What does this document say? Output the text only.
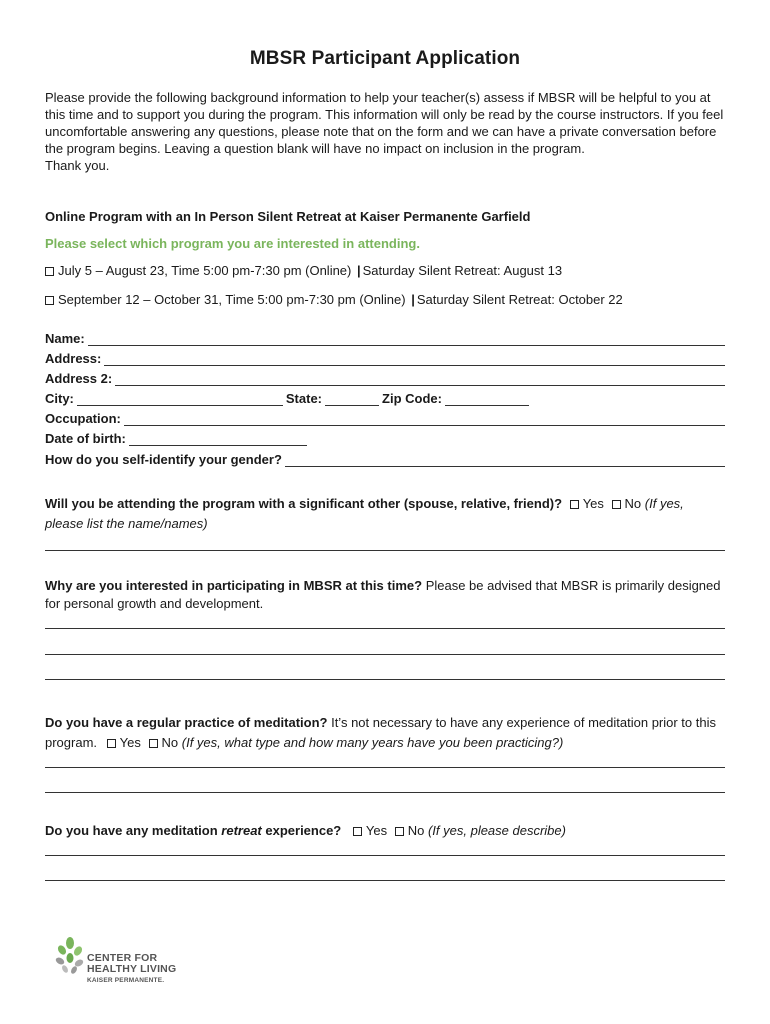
MBSR Participant Application

Please provide the following background information to help your teacher(s) assess if MBSR will be helpful to you at this time and to support you during the program. This information will only be read by the course instructors. If you feel uncomfortable answering any questions, please note that on the form and we can have a private conversation before the program begins. Leaving a question blank will have no impact on inclusion in the program.

Thank you.

Online Program with an In Person Silent Retreat at Kaiser Permanente Garfield
Please select which program you are interested in attending.
July 5 – August 23, Time 5:00 pm-7:30 pm (Online) | Saturday Silent Retreat: August 13
September 12 – October 31, Time 5:00 pm-7:30 pm (Online) | Saturday Silent Retreat: October 22
Name:
Address:
Address 2:
City:	State:	Zip Code:
Occupation:
Date of birth:
How do you self-identify your gender?
Will you be attending the program with a significant other (spouse, relative, friend)? Yes No (If yes, please list the name/names)
Why are you interested in participating in MBSR at this time? Please be advised that MBSR is primarily designed for personal growth and development.
Do you have a regular practice of meditation? It’s not necessary to have any experience of meditation prior to this program. Yes No (If yes, what type and how many years have you been practicing?)
Do you have any meditation retreat experience? Yes No (If yes, please describe)
CENTER FOR
HEALTHY LIVING
KAISER PERMANENTE.
